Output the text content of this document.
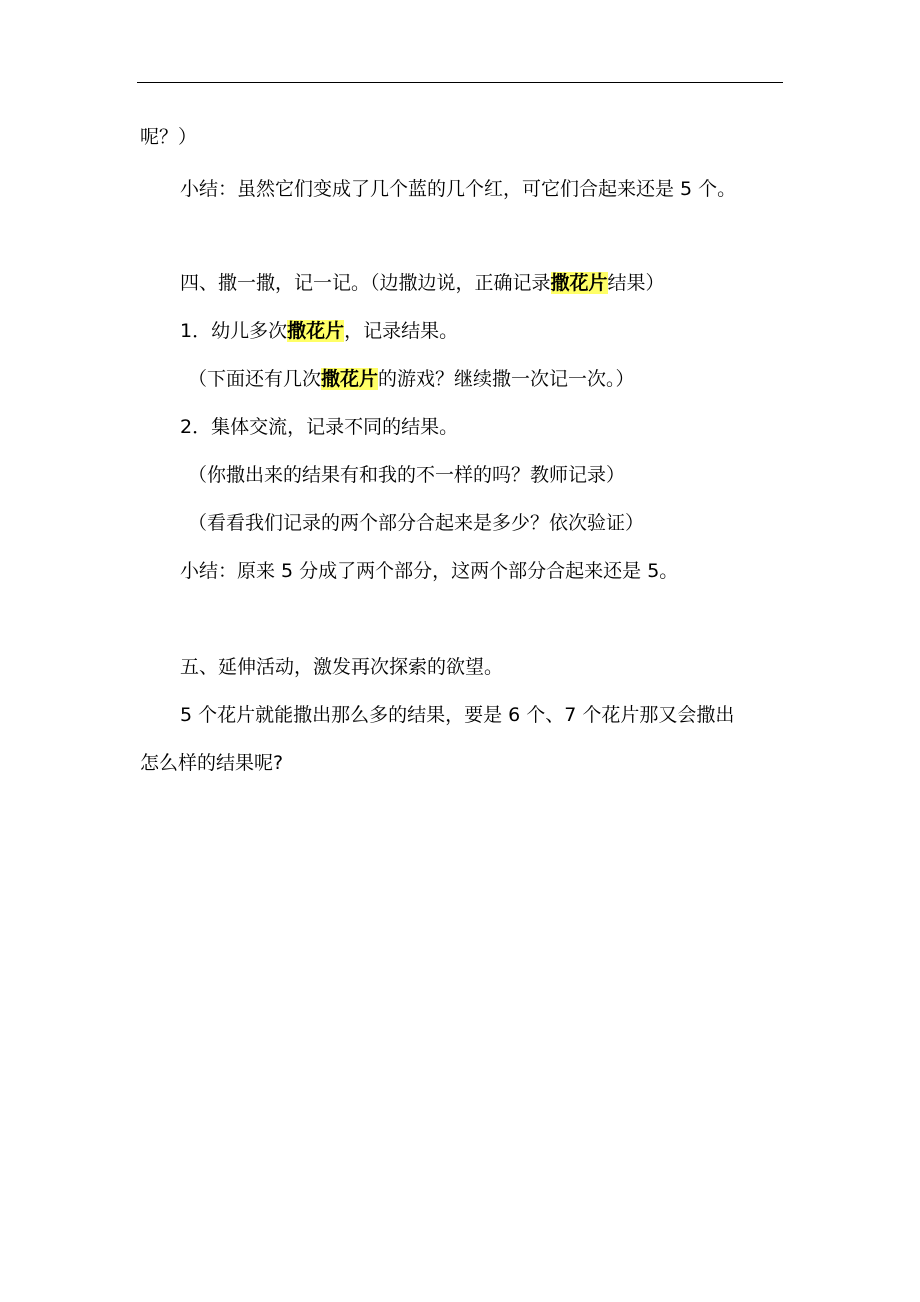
呢？）
小结：虽然它们变成了几个蓝的几个红，可它们合起来还是 5 个。
四、撒一撒，记一记。（边撒边说，正确记录撒花片结果）
1．幼儿多次撒花片，记录结果。
（下面还有几次撒花片的游戏？继续撒一次记一次。）
2．集体交流，记录不同的结果。
（你撒出来的结果有和我的不一样的吗？教师记录）
（看看我们记录的两个部分合起来是多少？依次验证）
小结：原来 5 分成了两个部分，这两个部分合起来还是 5。
五、延伸活动，激发再次探索的欲望。
5 个花片就能撒出那么多的结果，要是 6 个、7 个花片那又会撒出
怎么样的结果呢?
